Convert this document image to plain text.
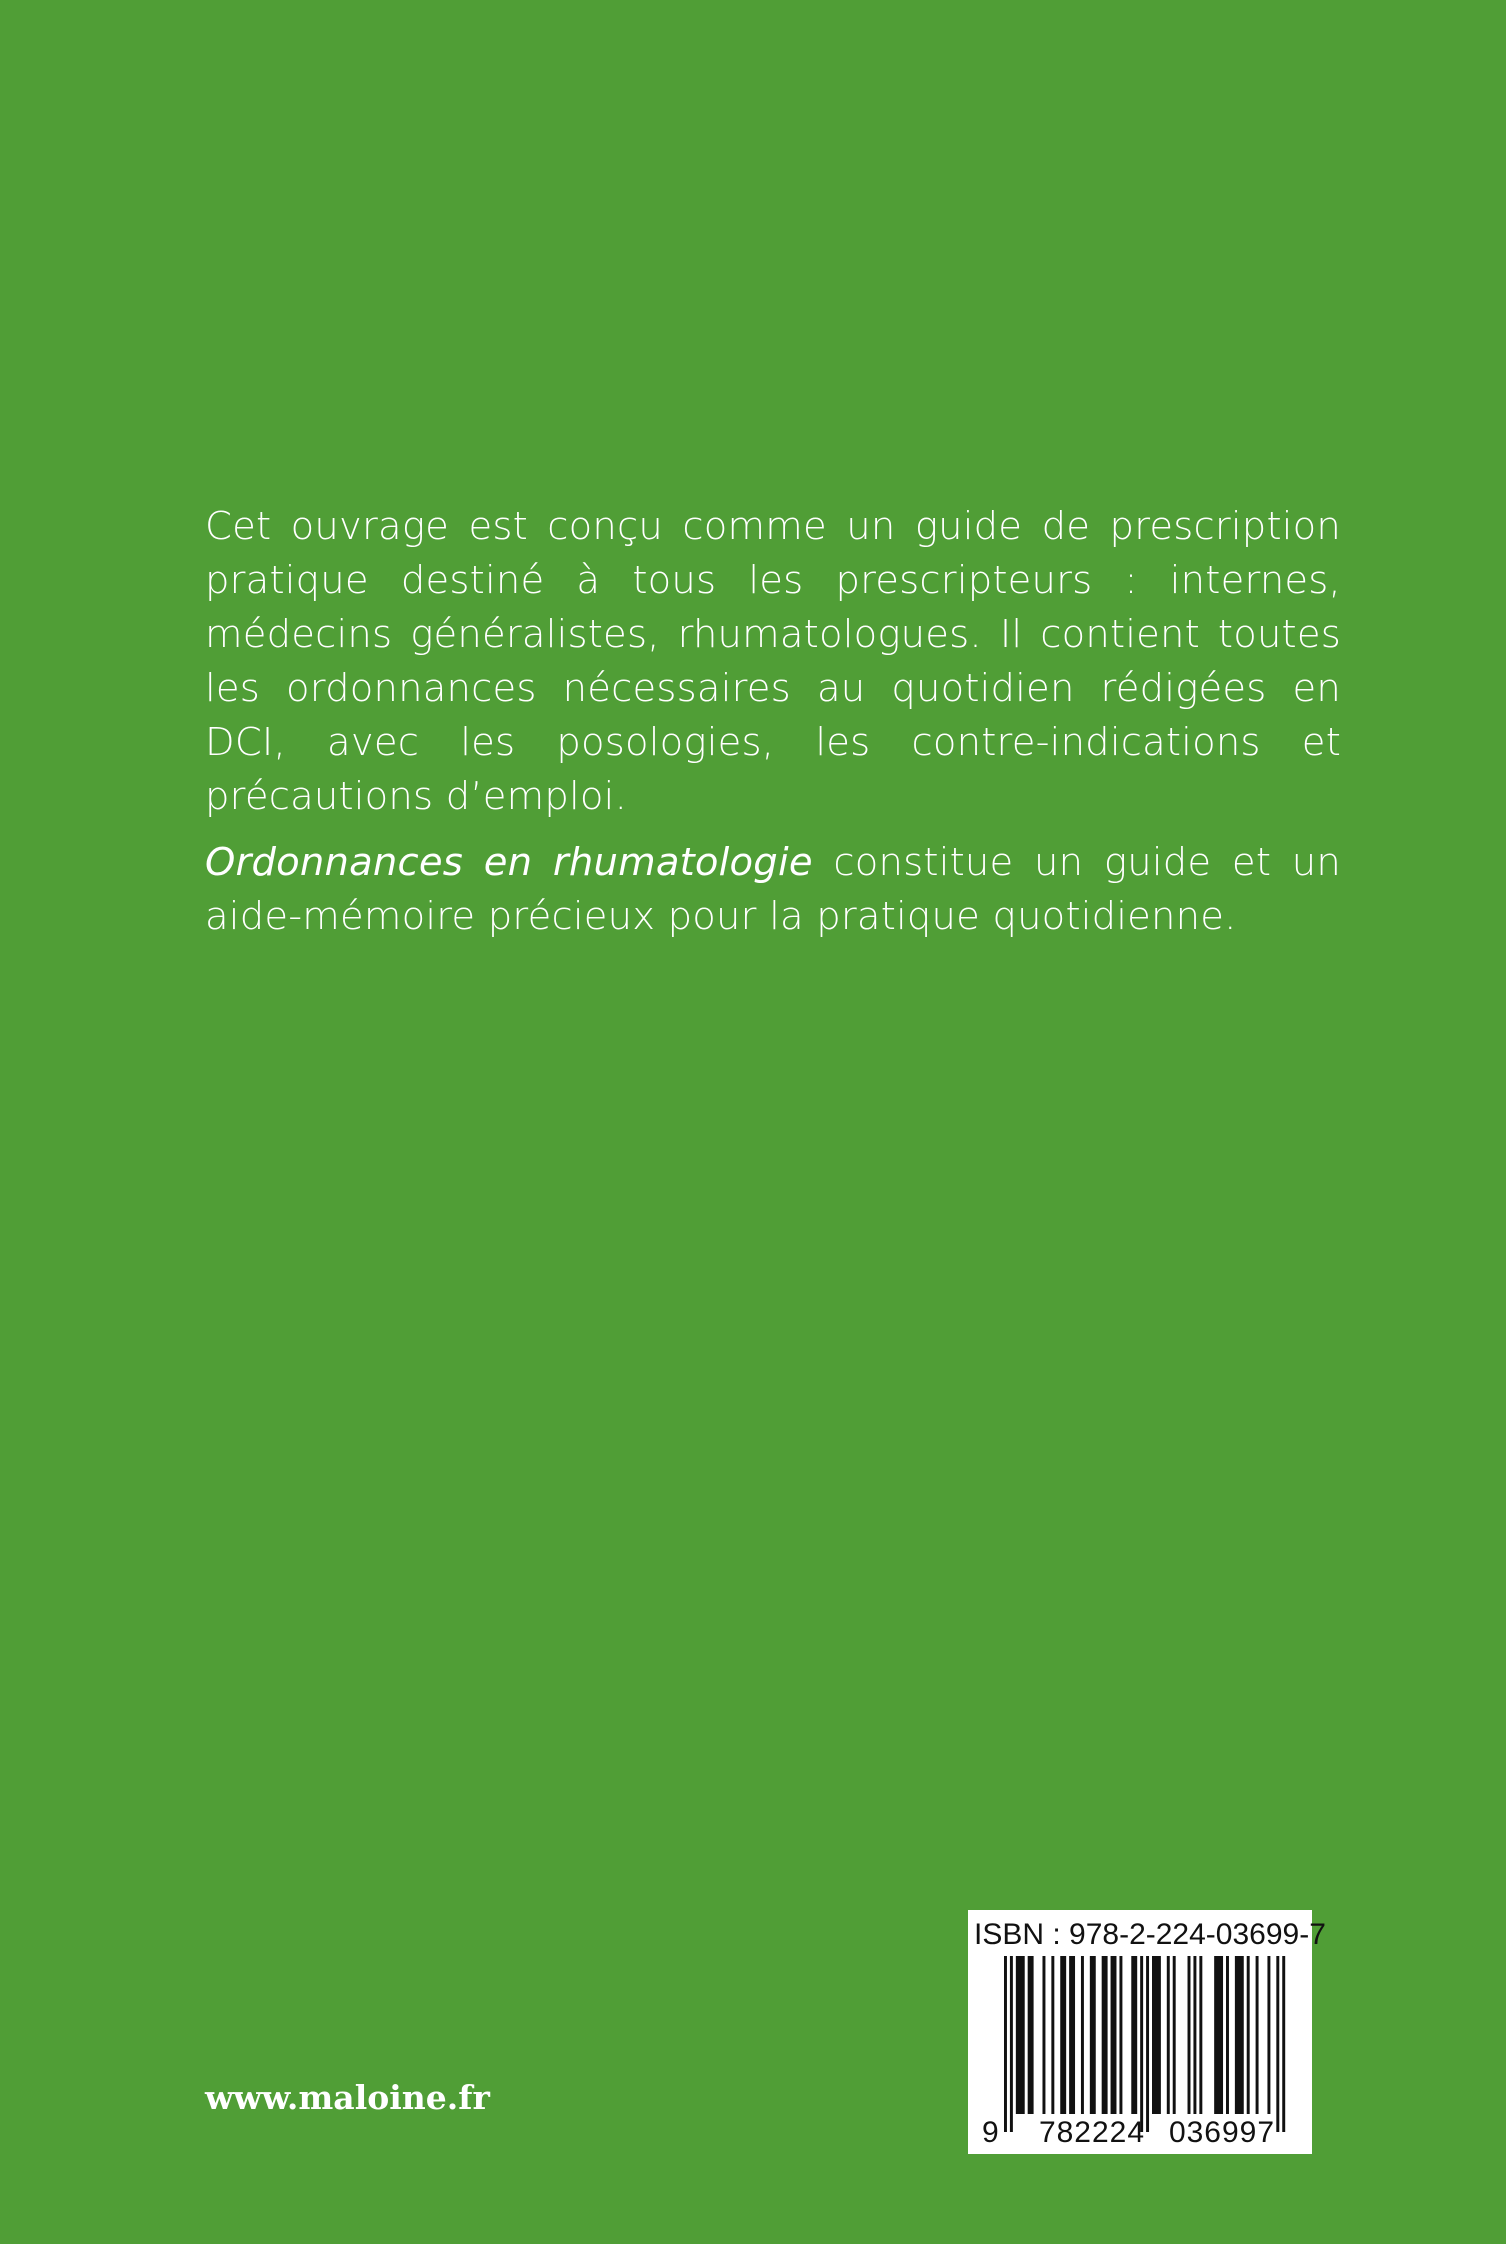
Cet ouvrage est conçu comme un guide de prescription pratique destiné à tous les prescripteurs : internes, médecins généralistes, rhumatologues. Il contient toutes les ordonnances nécessaires au quotidien rédigées en DCI, avec les posologies, les contre-indications et précautions d’emploi.

Ordonnances en rhumatologie constitue un guide et un aide-mémoire précieux pour la pratique quotidienne.

www.maloine.fr
ISBN : 978-2-224-03699-7
9 782224 036997
